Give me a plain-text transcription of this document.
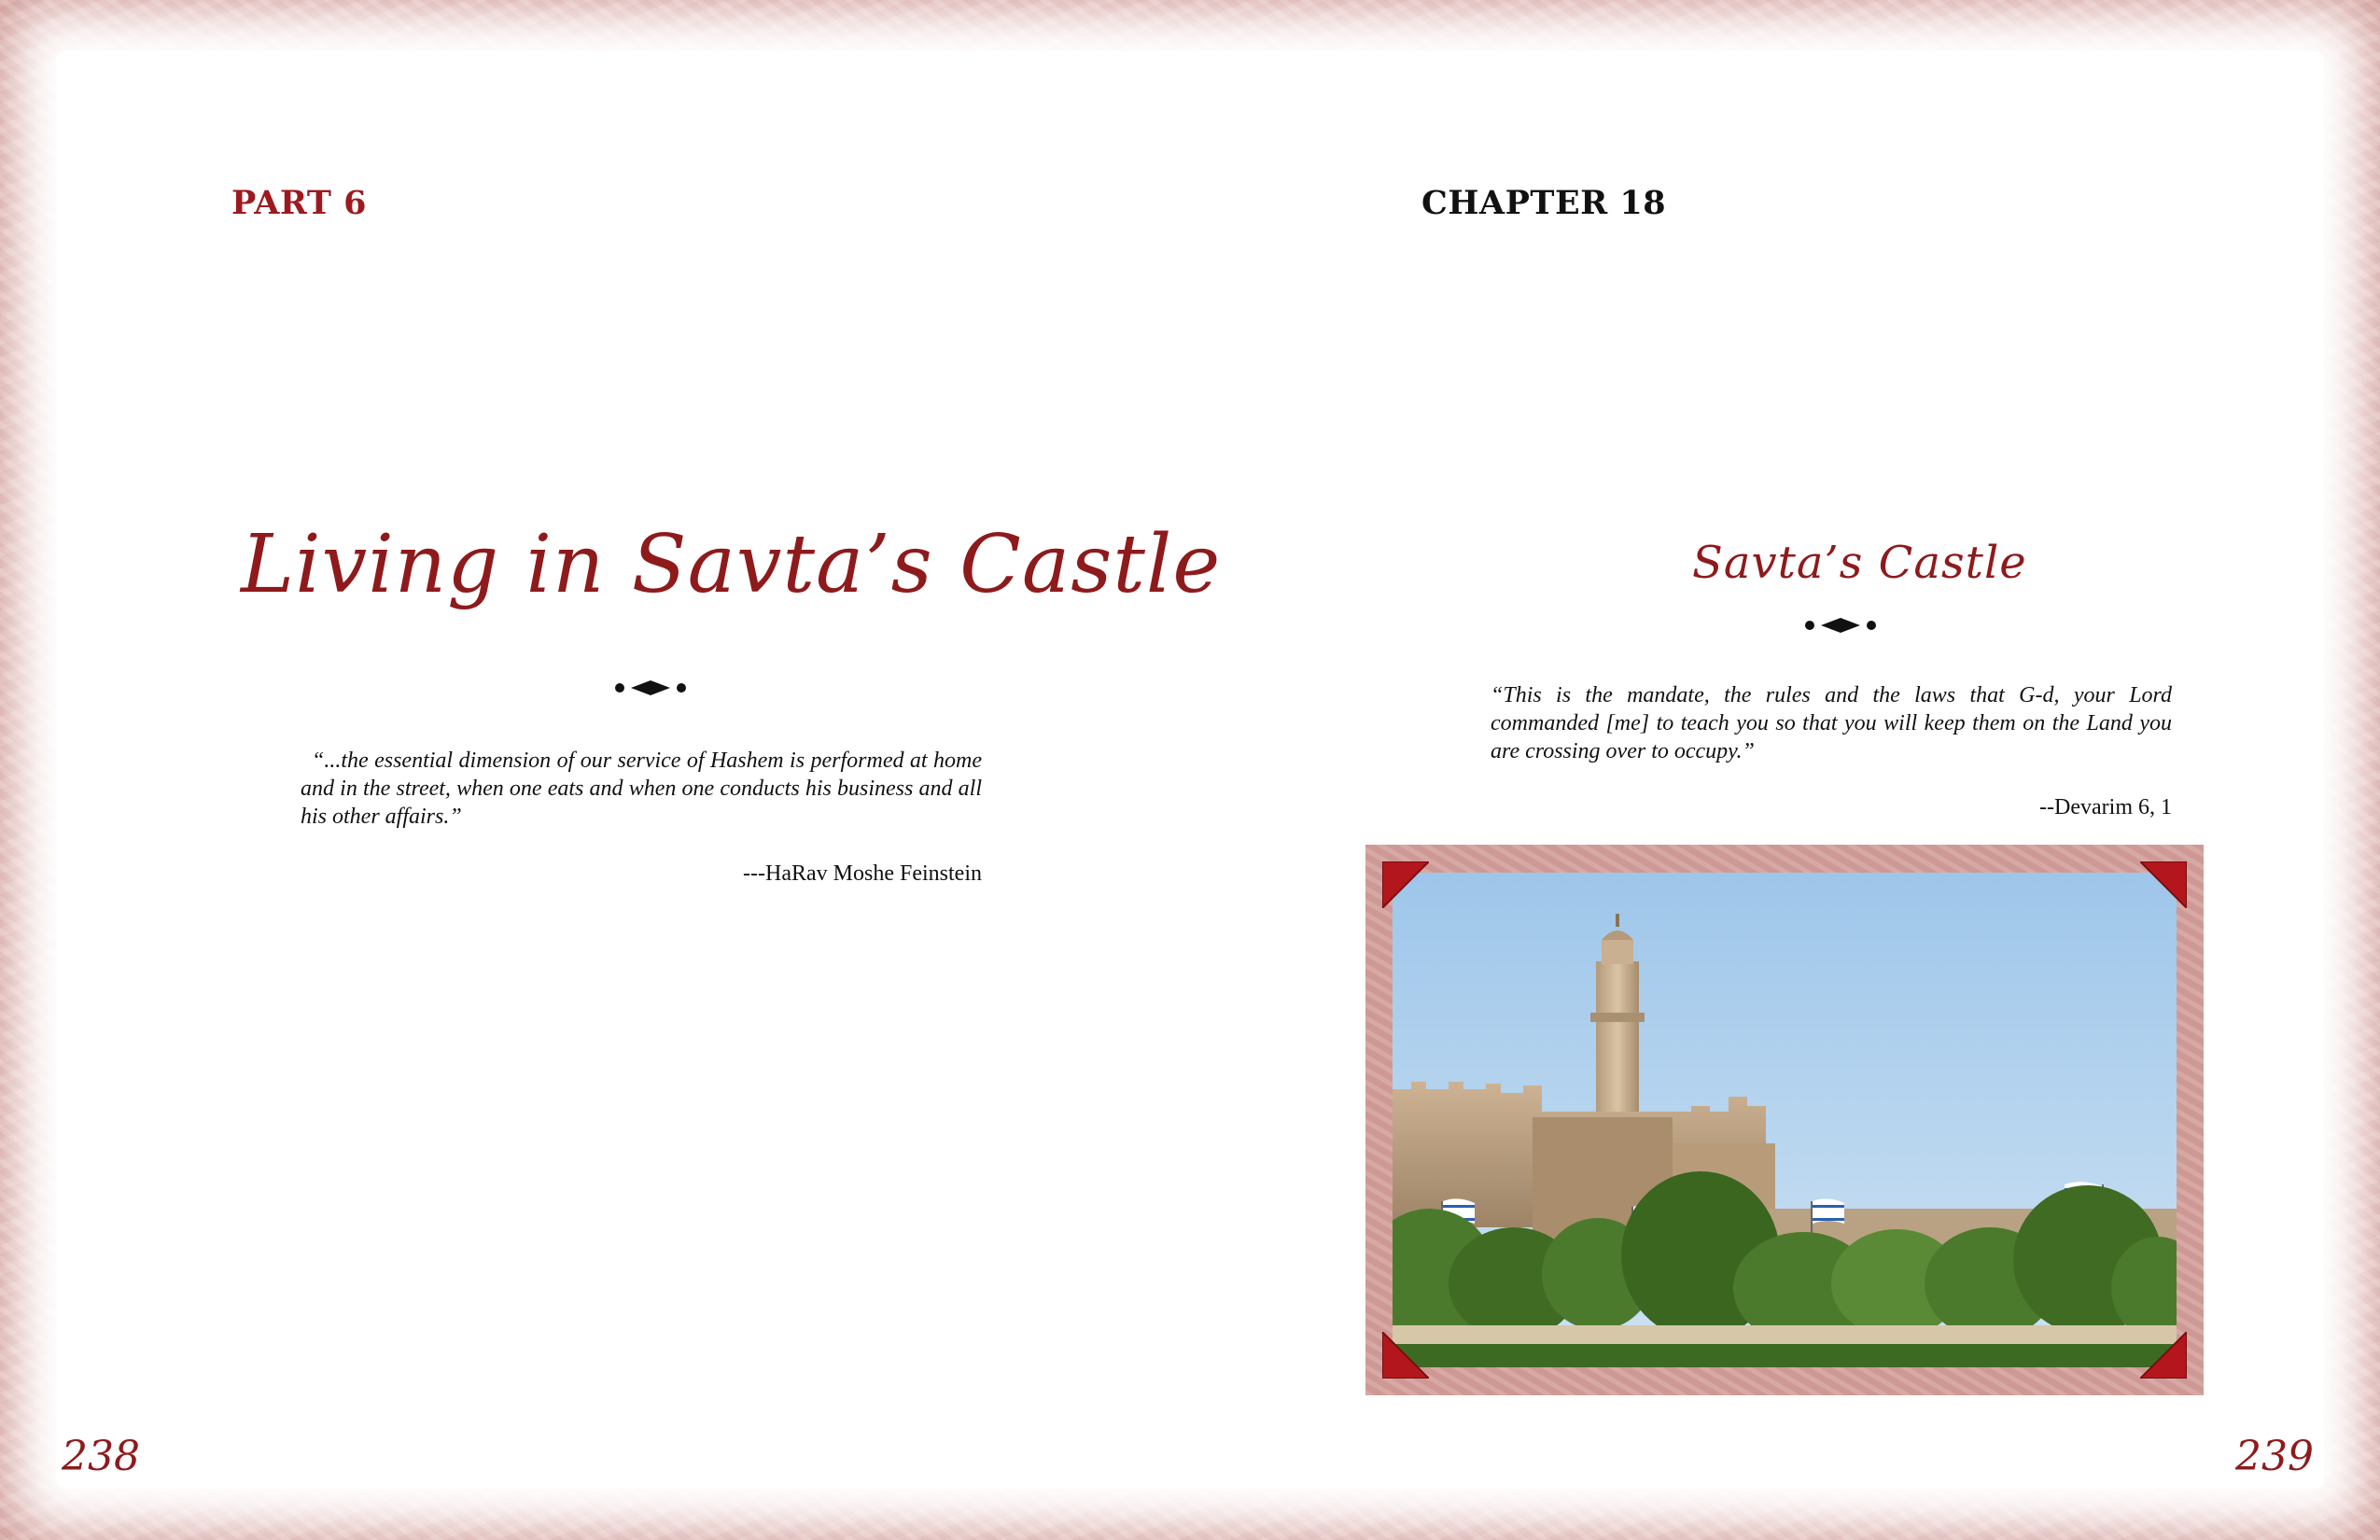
PART 6
Living in Savta’s Castle
“...the essential dimension of our service of Hashem is performed at home and in the street, when one eats and when one conducts his business and all his other affairs.”
---HaRav Moshe Feinstein
CHAPTER 18
Savta’s Castle
“This is the mandate, the rules and the laws that G-d, your Lord commanded [me] to teach you so that you will keep them on the Land you are crossing over to occupy.”
--Devarim 6, 1
238	239
